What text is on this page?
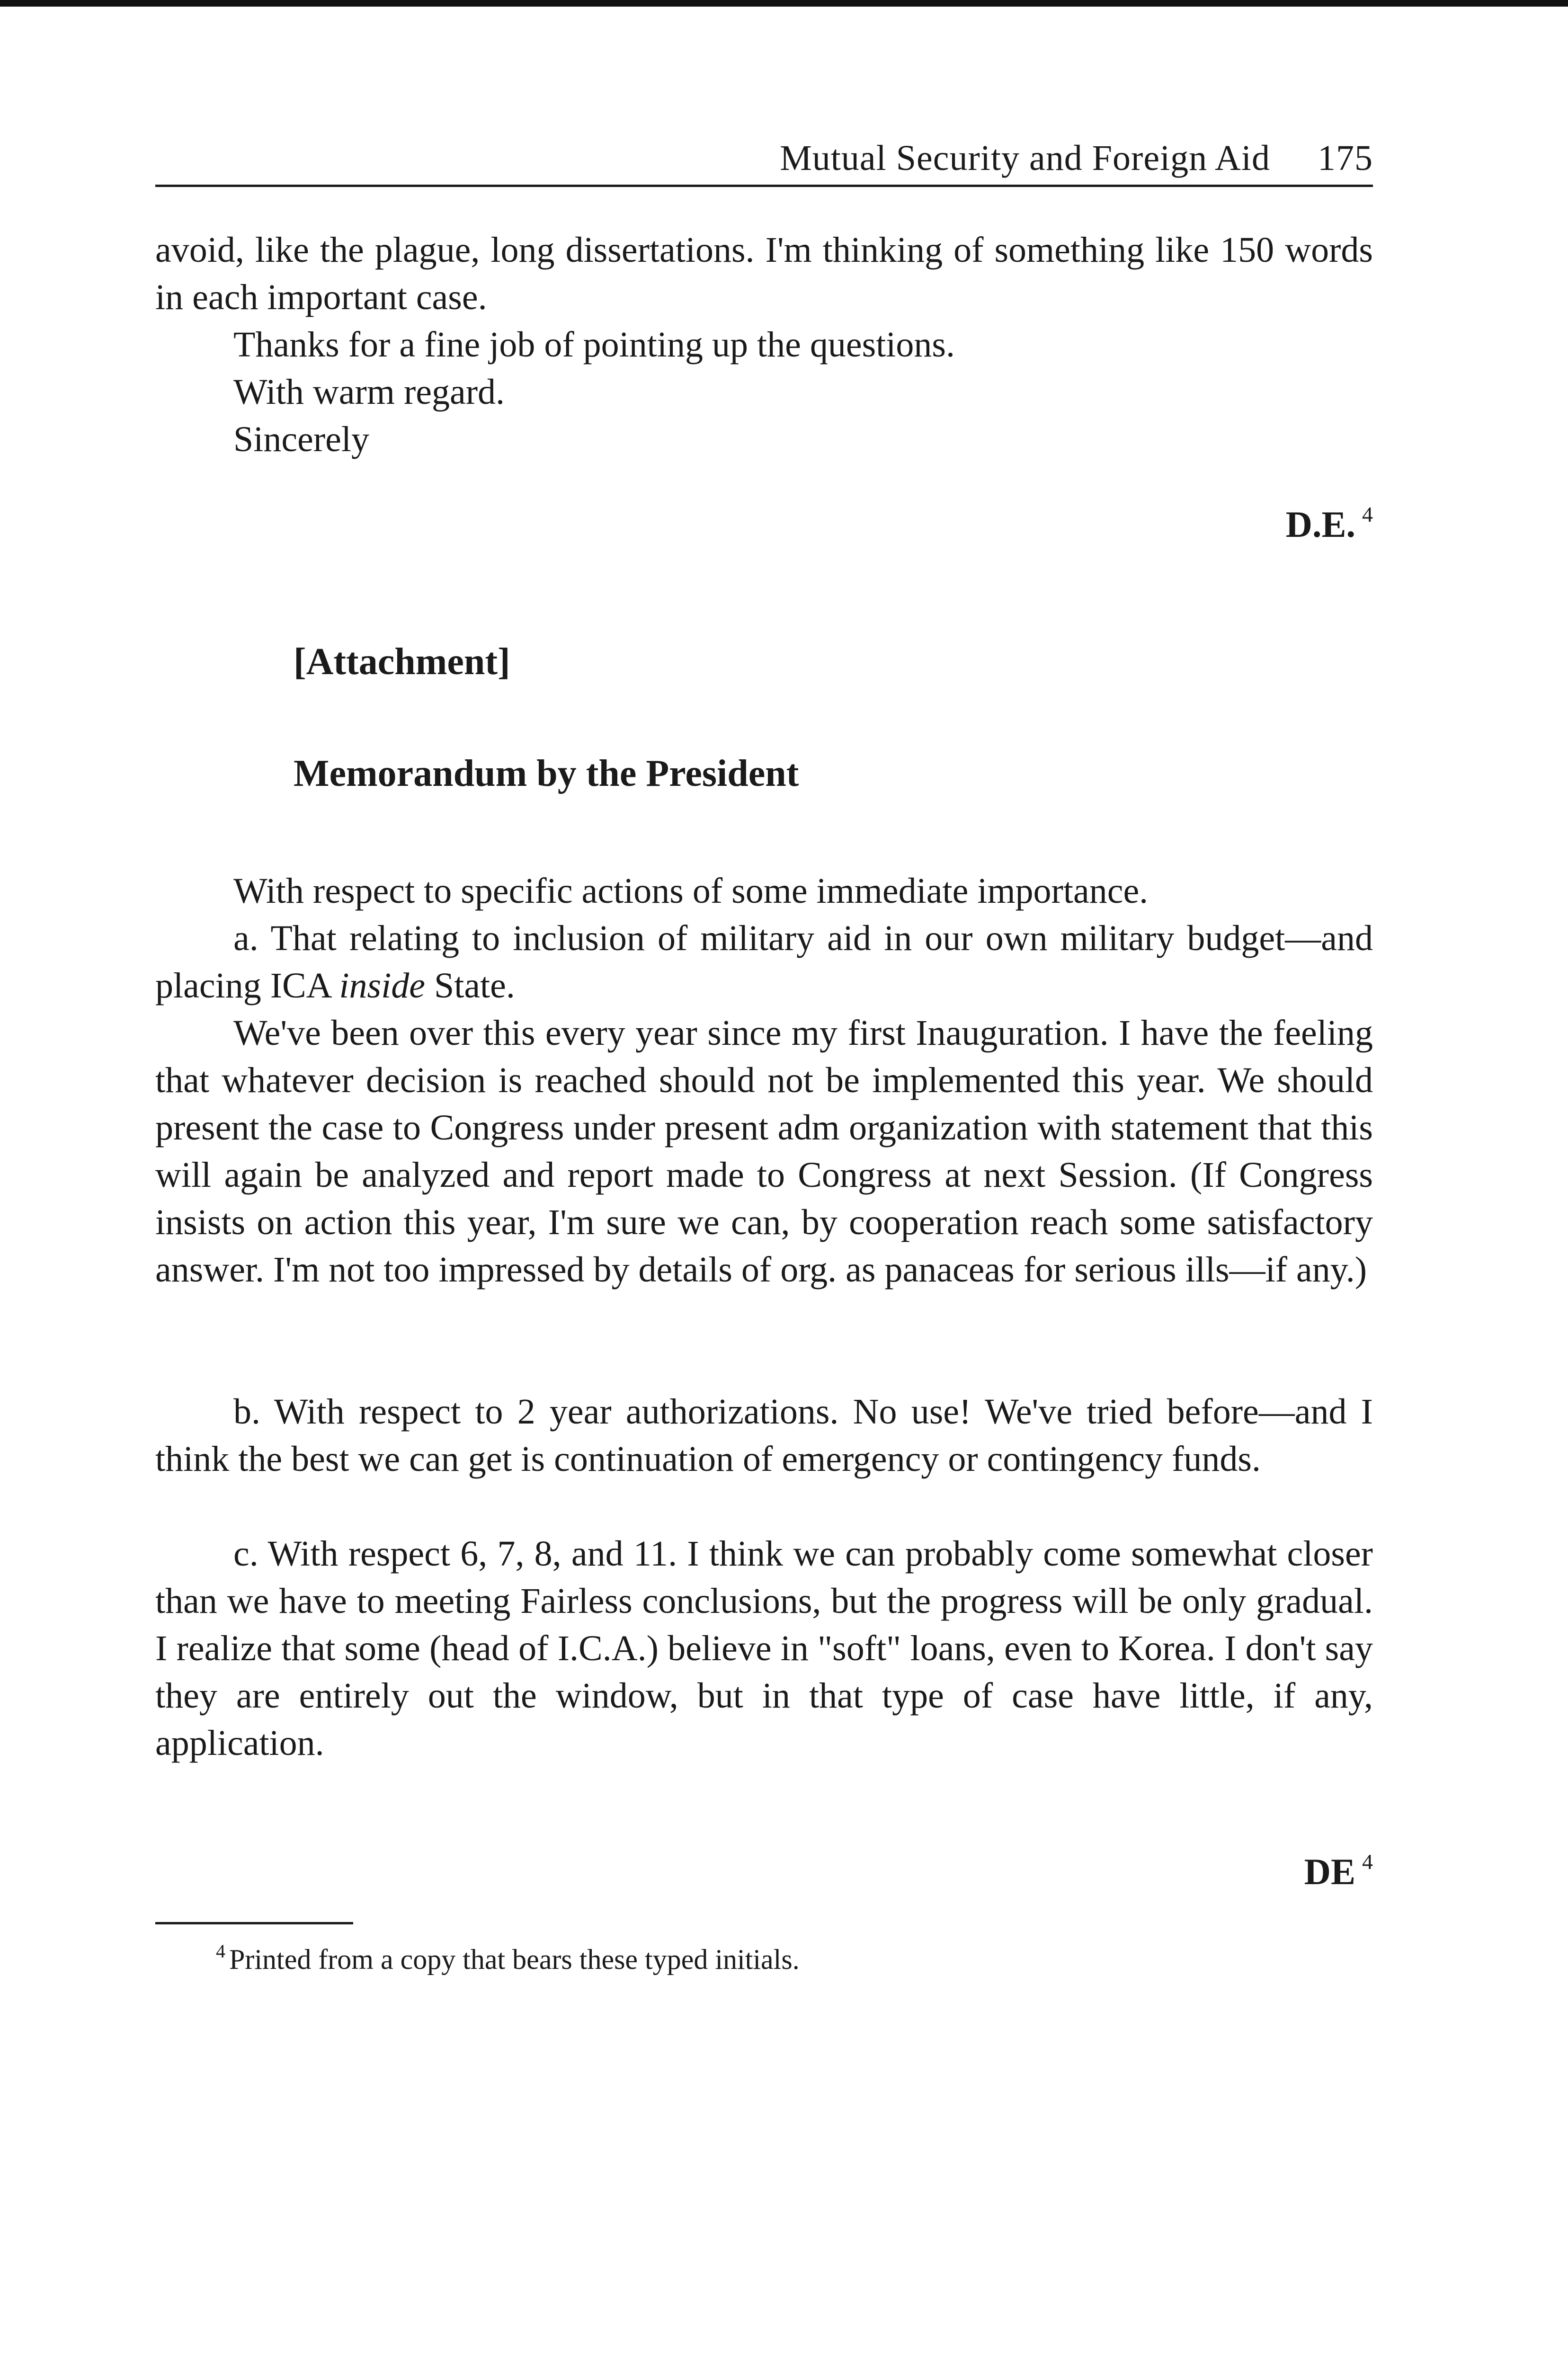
Mutual Security and Foreign Aid 175

avoid, like the plague, long dissertations. I'm thinking of something like 150 words in each important case.

Thanks for a fine job of pointing up the questions.

With warm regard.

Sincerely

D.E. $^4$
[Attachment]
Memorandum by the President

With respect to specific actions of some immediate importance.

a. That relating to inclusion of military aid in our own military budget—and placing ICA inside State.

We've been over this every year since my first Inauguration. I have the feeling that whatever decision is reached should not be implemented this year. We should present the case to Congress under present adm organization with statement that this will again be analyzed and report made to Congress at next Session. (If Congress insists on action this year, I'm sure we can, by cooperation reach some satisfactory answer. I'm not too impressed by details of org. as panaceas for serious ills—if any.)

b. With respect to 2 year authorizations. No use! We've tried before—and I think the best we can get is continuation of emergency or contingency funds.

c. With respect 6, 7, 8, and 11. I think we can probably come somewhat closer than we have to meeting Fairless conclusions, but the progress will be only gradual. I realize that some (head of I.C.A.) believe in "soft" loans, even to Korea. I don't say they are entirely out the window, but in that type of case have little, if any, application.

DE $^4$
$^4$ Printed from a copy that bears these typed initials.
